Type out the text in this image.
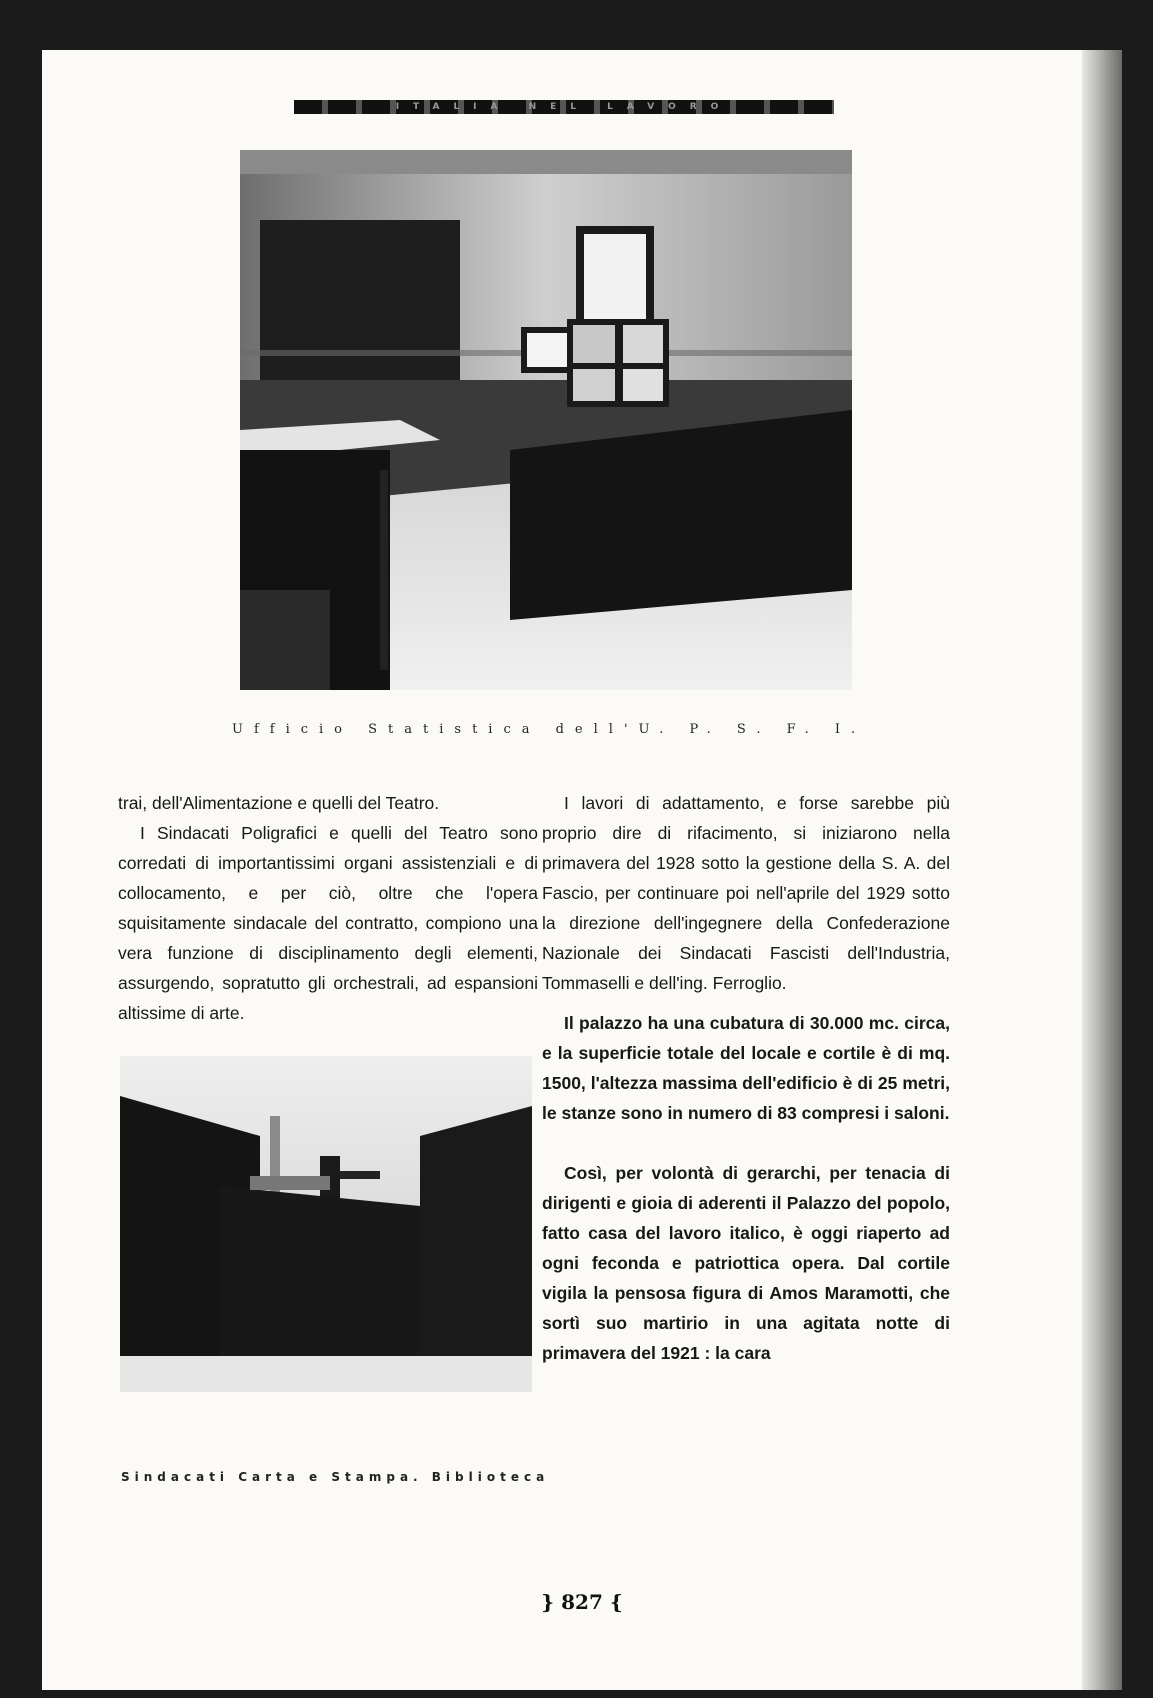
ITALIA NEL LAVORO
Ufficio Statistica dell'U. P. S. F. I.

trai, dell'Alimentazione e quelli del Teatro.

I Sindacati Poligrafici e quelli del Teatro sono corredati di importantissimi organi assistenziali e di collocamento, e per ciò, oltre che l'opera squisitamente sindacale del contratto, compiono una vera funzione di disciplinamento degli elementi, assurgendo, sopratutto gli orchestrali, ad espansioni altissime di arte.

Sindacati Carta e Stampa. Biblioteca

I lavori di adattamento, e forse sarebbe più proprio dire di rifacimento, si iniziarono nella primavera del 1928 sotto la gestione della S. A. del Fascio, per continuare poi nell'aprile del 1929 sotto la direzione dell'ingegnere della Confederazione Nazionale dei Sindacati Fascisti dell'Industria, Tommaselli e dell'ing. Ferroglio.

Il palazzo ha una cubatura di 30.000 mc. circa, e la superficie totale del locale e cortile è di mq. 1500, l'altezza massima dell'edificio è di 25 metri, le stanze sono in numero di 83 compresi i saloni.

Così, per volontà di gerarchi, per tenacia di dirigenti e gioia di aderenti il Palazzo del popolo, fatto casa del lavoro italico, è oggi riaperto ad ogni feconda e patriottica opera. Dal cortile vigila la pensosa figura di Amos Maramotti, che sortì suo martirio in una agitata notte di primavera del 1921 : la cara

} 827 {
